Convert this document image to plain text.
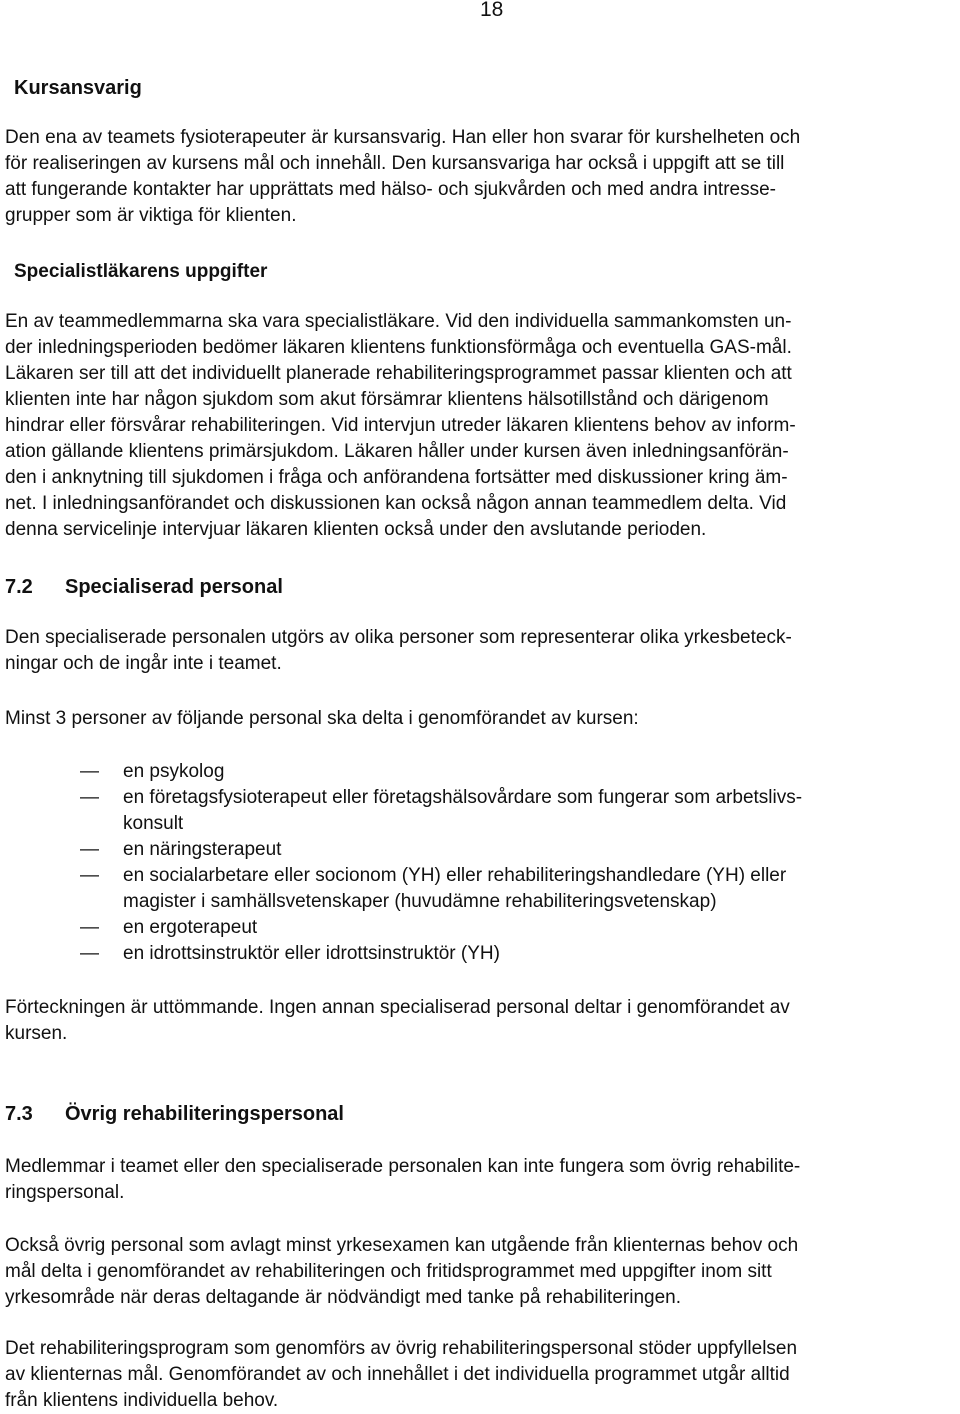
18
Kursansvarig
Den ena av teamets fysioterapeuter är kursansvarig. Han eller hon svarar för kurshelheten och
för realiseringen av kursens mål och innehåll. Den kursansvariga har också i uppgift att se till
att fungerande kontakter har upprättats med hälso- och sjukvården och med andra intresse-
grupper som är viktiga för klienten.
Specialistläkarens uppgifter
En av teammedlemmarna ska vara specialistläkare. Vid den individuella sammankomsten un-
der inledningsperioden bedömer läkaren klientens funktionsförmåga och eventuella GAS-mål.
Läkaren ser till att det individuellt planerade rehabiliteringsprogrammet passar klienten och att
klienten inte har någon sjukdom som akut försämrar klientens hälsotillstånd och därigenom
hindrar eller försvårar rehabiliteringen. Vid intervjun utreder läkaren klientens behov av inform-
ation gällande klientens primärsjukdom. Läkaren håller under kursen även inledningsanförän-
den i anknytning till sjukdomen i fråga och anförandena fortsätter med diskussioner kring äm-
net. I inledningsanförandet och diskussionen kan också någon annan teammedlem delta. Vid
denna servicelinje intervjuar läkaren klienten också under den avslutande perioden.
7.2 Specialiserad personal
Den specialiserade personalen utgörs av olika personer som representerar olika yrkesbeteck-
ningar och de ingår inte i teamet.
Minst 3 personer av följande personal ska delta i genomförandet av kursen:
—	en psykolog
—	en företagsfysioterapeut eller företagshälsovårdare som fungerar som arbetslivs-
konsult
—	en näringsterapeut
—	en socialarbetare eller socionom (YH) eller rehabiliteringshandledare (YH) eller
magister i samhällsvetenskaper (huvudämne rehabiliteringsvetenskap)
—	en ergoterapeut
—	en idrottsinstruktör eller idrottsinstruktör (YH)
Förteckningen är uttömmande. Ingen annan specialiserad personal deltar i genomförandet av
kursen.
7.3 Övrig rehabiliteringspersonal
Medlemmar i teamet eller den specialiserade personalen kan inte fungera som övrig rehabilite-
ringspersonal.
Också övrig personal som avlagt minst yrkesexamen kan utgående från klienternas behov och
mål delta i genomförandet av rehabiliteringen och fritidsprogrammet med uppgifter inom sitt
yrkesområde när deras deltagande är nödvändigt med tanke på rehabiliteringen.
Det rehabiliteringsprogram som genomförs av övrig rehabiliteringspersonal stöder uppfyllelsen
av klienternas mål. Genomförandet av och innehållet i det individuella programmet utgår alltid
från klientens individuella behov.
